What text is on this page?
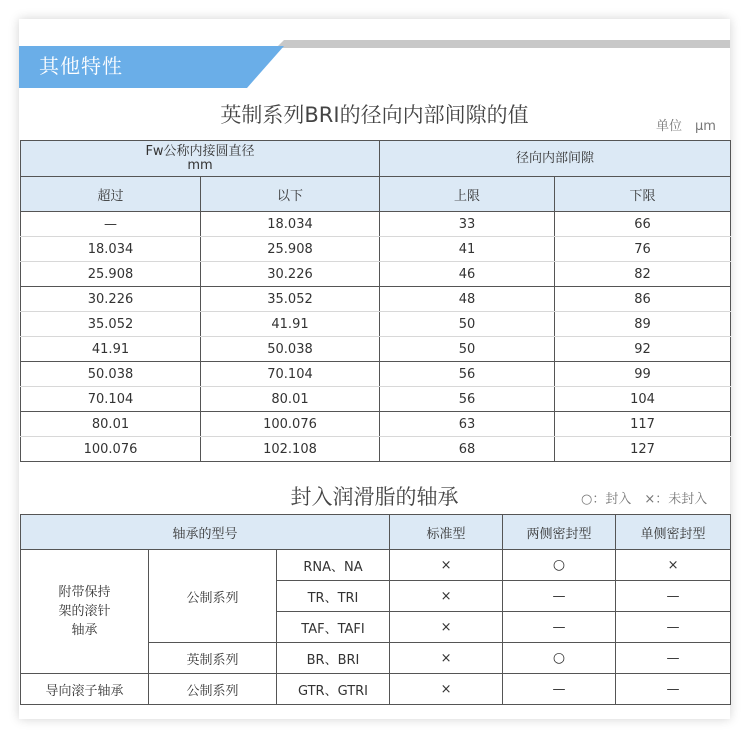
其他特性
英制系列BRI的径向内部间隙的值	单位　μm
Fw公称内接圆直径
mm		径向内部间隙	
超过	以下	上限	下限
—	18.034	33	66
18.034	25.908	41	76
25.908	30.226	46	82
30.226	35.052	48	86
35.052	41.91	50	89
41.91	50.038	50	92
50.038	70.104	56	99
70.104	80.01	56	104
80.01	100.076	63	117
100.076	102.108	68	127
封入润滑脂的轴承	○：封入　×：未封入
轴承的型号			标准型	两侧密封型	单侧密封型
附带保持
架的滚针
轴承	公制系列	RNA、NA	×	○	×
		TR、TRI	×	—	—
		TAF、TAFI	×	—	—
	英制系列	BR、BRI	×	○	—
导向滚子轴承	公制系列	GTR、GTRI	×	—	—
